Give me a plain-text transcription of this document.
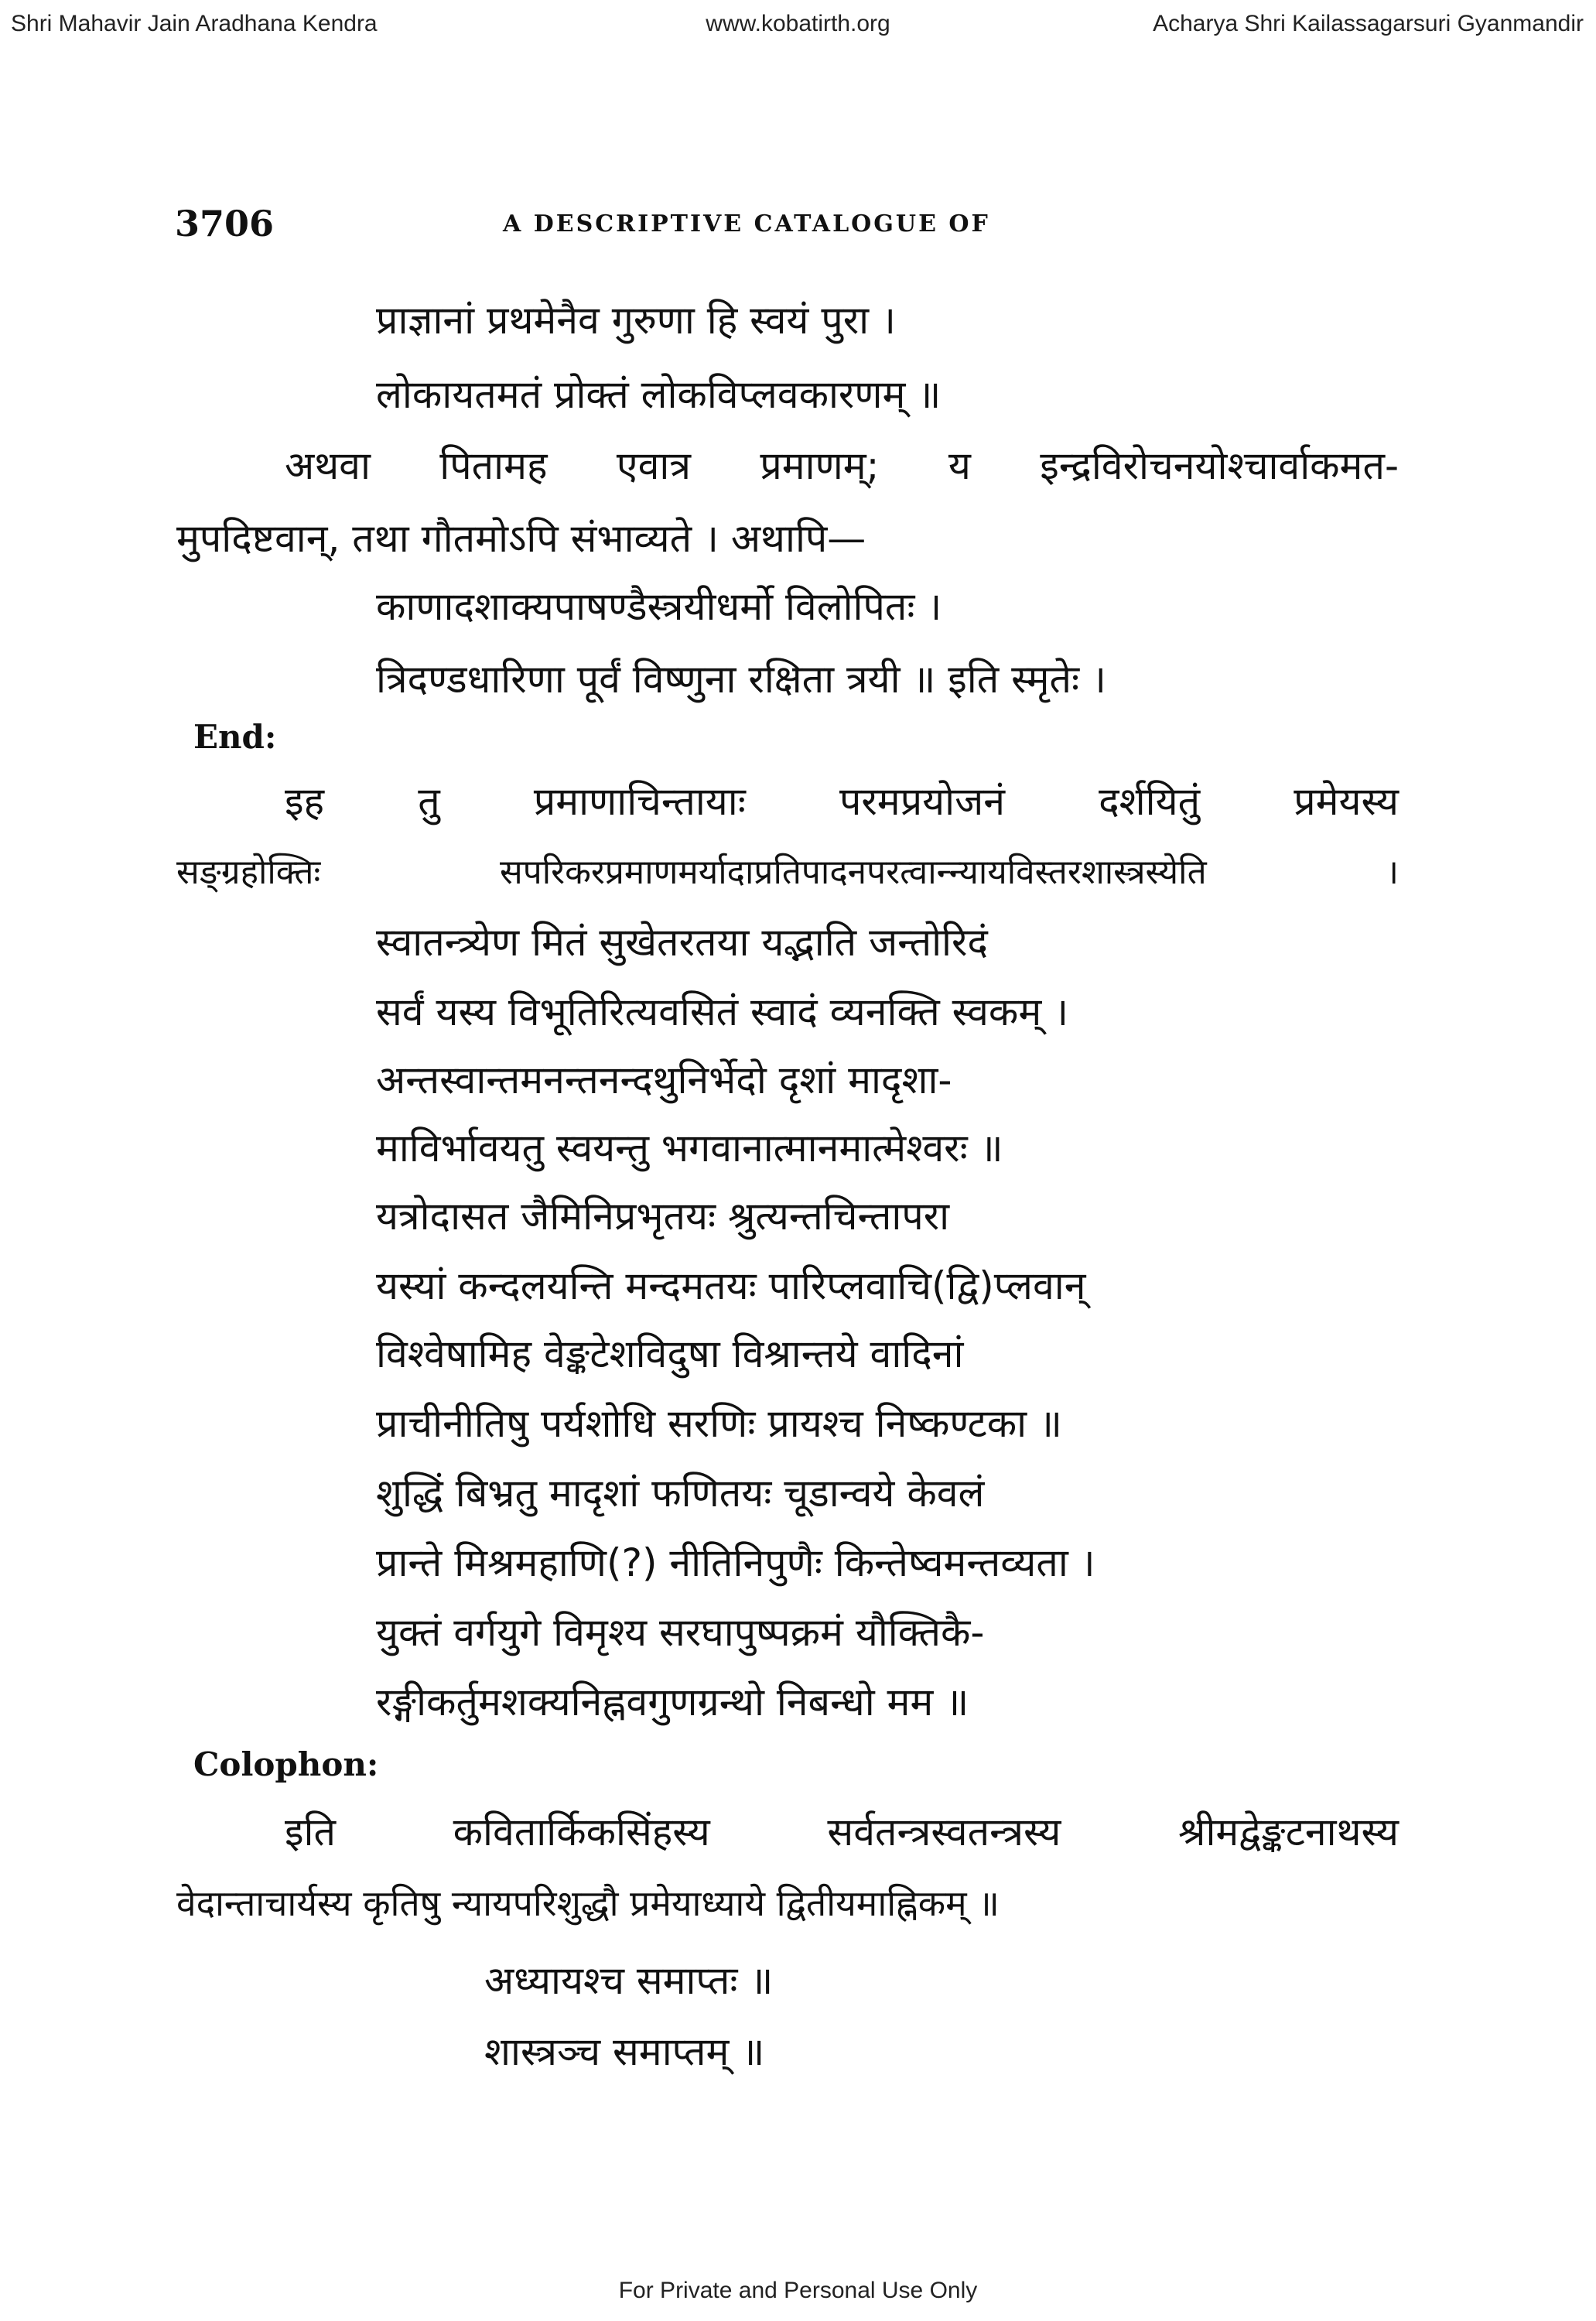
Shri Mahavir Jain Aradhana Kendra	www.kobatirth.org	Acharya Shri Kailassagarsuri Gyanmandir
3706	A DESCRIPTIVE CATALOGUE OF
प्राज्ञानां प्रथमेनैव गुरुणा हि स्वयं पुरा ।
लोकायतमतं प्रोक्तं लोकविप्लवकारणम् ॥
अथवा पितामह एवात्र प्रमाणम्; य इन्द्रविरोचनयोश्चार्वाकमत-
मुपदिष्टवान्, तथा गौतमोऽपि संभाव्यते । अथापि—
काणादशाक्यपाषण्डैस्त्रयीधर्मो विलोपितः ।
त्रिदण्डधारिणा पूर्वं विष्णुना रक्षिता त्रयी ॥ इति स्मृतेः ।
End:
इह तु प्रमाणाचिन्तायाः परमप्रयोजनं दर्शयितुं प्रमेयस्य
सङ्ग्रहोक्तिः सपरिकरप्रमाणमर्यादाप्रतिपादनपरत्वान्न्यायविस्तरशास्त्रस्येति ।
स्वातन्त्र्येण मितं सुखेतरतया यद्भाति जन्तोरिदं
सर्वं यस्य विभूतिरित्यवसितं स्वादं व्यनक्ति स्वकम् ।
अन्तस्वान्तमनन्तनन्दथुनिर्भेदो दृशां मादृशा-
माविर्भावयतु स्वयन्तु भगवानात्मानमात्मेश्वरः ॥
यत्रोदासत जैमिनिप्रभृतयः श्रुत्यन्तचिन्तापरा
यस्यां कन्दलयन्ति मन्दमतयः पारिप्लवाचि(द्वि)प्लवान्
विश्वेषामिह वेङ्कटेशविदुषा विश्रान्तये वादिनां
प्राचीनीतिषु पर्यशोधि सरणिः प्रायश्च निष्कण्टका ॥
शुद्धिं बिभ्रतु मादृशां फणितयः चूडान्वये केवलं
प्रान्ते मिश्रमहाणि(?) नीतिनिपुणैः किन्तेष्वमन्तव्यता ।
युक्तं वर्गयुगे विमृश्य सरघापुष्पक्रमं यौक्तिकै-
रङ्गीकर्तुमशक्यनिह्नवगुणग्रन्थो निबन्धो मम ॥
Colophon:
इति कवितार्किकसिंहस्य सर्वतन्त्रस्वतन्त्रस्य श्रीमद्वेङ्कटनाथस्य
वेदान्ताचार्यस्य कृतिषु न्यायपरिशुद्धौ प्रमेयाध्याये द्वितीयमाह्निकम् ॥
अध्यायश्च समाप्तः ॥
शास्त्रञ्च समाप्तम् ॥
For Private and Personal Use Only
